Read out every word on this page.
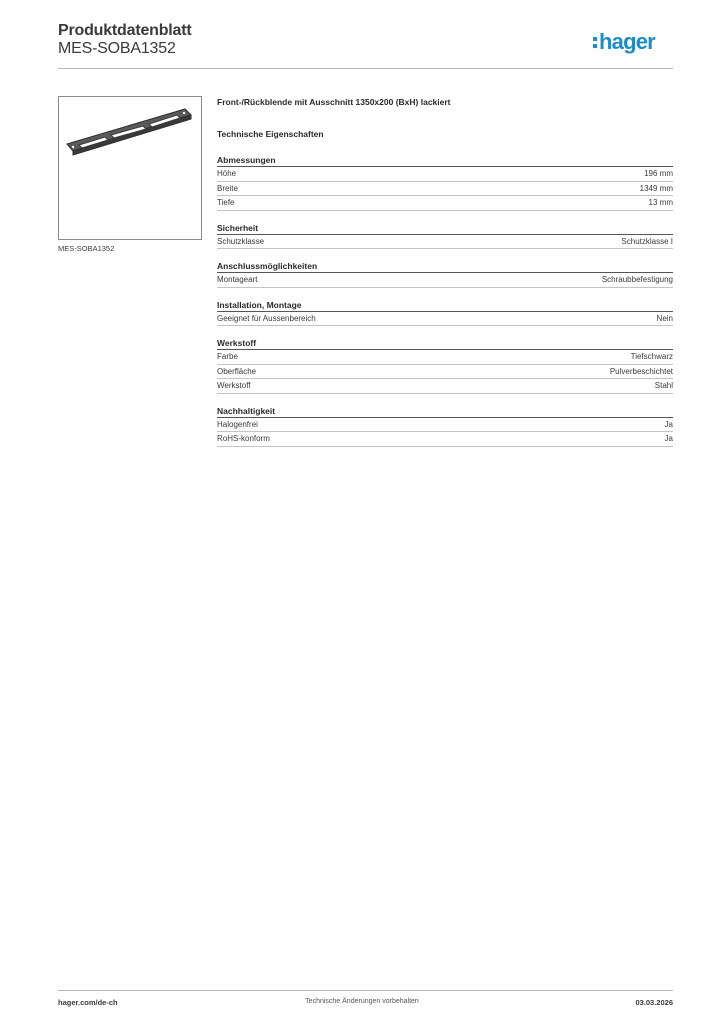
Produktdatenblatt
MES-SOBA1352	hager
MES-SOBA1352
Front-/Rückblende mit Ausschnitt 1350x200 (BxH) lackiert
Technische Eigenschaften
Abmessungen
Höhe	196 mm
Breite	1349 mm
Tiefe	13 mm
Sicherheit
Schutzklasse	Schutzklasse I
Anschlussmöglichkeiten
Montageart	Schraubbefestigung
Installation, Montage
Geeignet für Aussenbereich	Nein
Werkstoff
Farbe	Tiefschwarz
Oberfläche	Pulverbeschichtet
Werkstoff	Stahl
Nachhaltigkeit
Halogenfrei	Ja
RoHS-konform	Ja
hager.com/de-ch	Technische Änderungen vorbehalten	03.03.2026
